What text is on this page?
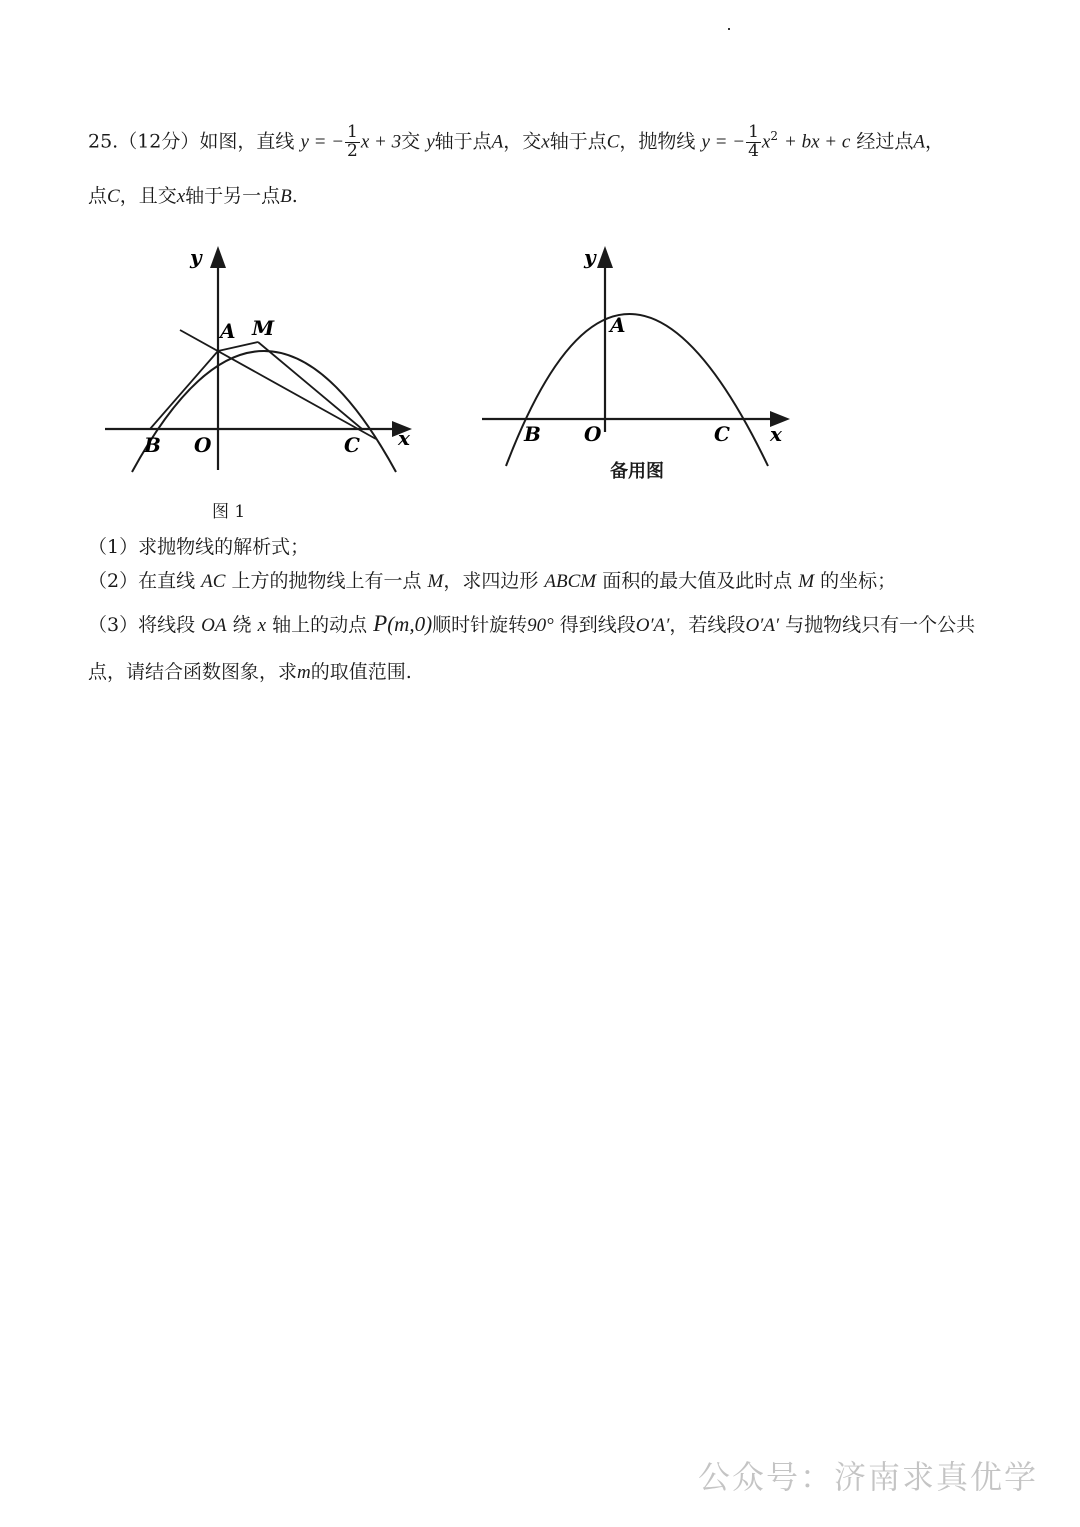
25.（12分）如图，直线 y = − $\frac{1}{2}$ x + 3交 y轴于点A，交x轴于点C，抛物线 y = − $\frac{1}{4} x^2$ + bx + c 经过点A，
点C，且交x轴于另一点B.
y
x
A M
B O	C
图 1
y
x
A
B O	C
备用图
（1）求抛物线的解析式；
（2）在直线 AC 上方的抛物线上有一点 M，求四边形 ABCM 面积的最大值及此时点 M 的坐标；
（3）将线段 OA 绕 x 轴上的动点 P(m,0)顺时针旋转90° 得到线段O′A′，若线段O′A′ 与抛物线只有一个公共
点，请结合函数图象，求m的取值范围.
公众号：济南求真优学
